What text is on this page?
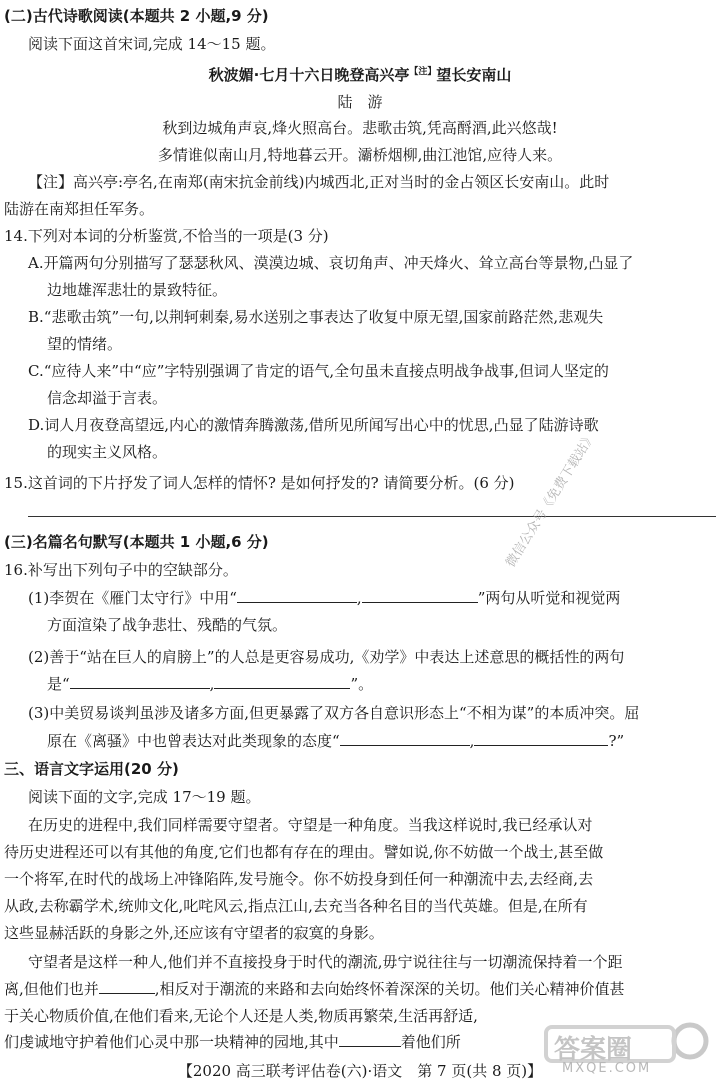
(二)古代诗歌阅读(本题共 2 小题,9 分)
阅读下面这首宋词,完成 14～15 题。
秋波媚·七月十六日晚登高兴亭$^{【注】}$望长安南山
陆　游
秋到边城角声哀,烽火照高台。悲歌击筑,凭高酹酒,此兴悠哉!
多情谁似南山月,特地暮云开。灞桥烟柳,曲江池馆,应待人来。
【注】高兴亭:亭名,在南郑(南宋抗金前线)内城西北,正对当时的金占领区长安南山。此时
陆游在南郑担任军务。
14.下列对本词的分析鉴赏,不恰当的一项是(3 分)
A.开篇两句分别描写了瑟瑟秋风、漠漠边城、哀切角声、冲天烽火、耸立高台等景物,凸显了
边地雄浑悲壮的景致特征。
B.“悲歌击筑”一句,以荆轲刺秦,易水送别之事表达了收复中原无望,国家前路茫然,悲观失
望的情绪。
C.“应待人来”中“应”字特别强调了肯定的语气,全句虽未直接点明战争战事,但词人坚定的
信念却溢于言表。
D.词人月夜登高望远,内心的激情奔腾激荡,借所见所闻写出心中的忧思,凸显了陆游诗歌
的现实主义风格。
15.这首词的下片抒发了词人怎样的情怀? 是如何抒发的? 请简要分析。(6 分)
(三)名篇名句默写(本题共 1 小题,6 分)
16.补写出下列句子中的空缺部分。
(1)李贺在《雁门太守行》中用“	,	”两句从听觉和视觉两
方面渲染了战争悲壮、残酷的气氛。
(2)善于“站在巨人的肩膀上”的人总是更容易成功,《劝学》中表达上述意思的概括性的两句
是“	,	”。
(3)中美贸易谈判虽涉及诸多方面,但更暴露了双方各自意识形态上“不相为谋”的本质冲突。屈
原在《离骚》中也曾表达对此类现象的态度“	,	?”
三、语言文字运用(20 分)
阅读下面的文字,完成 17～19 题。
在历史的进程中,我们同样需要守望者。守望是一种角度。当我这样说时,我已经承认对
待历史进程还可以有其他的角度,它们也都有存在的理由。譬如说,你不妨做一个战士,甚至做
一个将军,在时代的战场上冲锋陷阵,发号施令。你不妨投身到任何一种潮流中去,去经商,去
从政,去称霸学术,统帅文化,叱咤风云,指点江山,去充当各种名目的当代英雄。但是,在所有
这些显赫活跃的身影之外,还应该有守望者的寂寞的身影。
守望者是这样一种人,他们并不直接投身于时代的潮流,毋宁说往往与一切潮流保持着一个距
离,但他们也并	,相反对于潮流的来路和去向始终怀着深深的关切。他们关心精神价值甚
于关心物质价值,在他们看来,无论个人还是人类,物质再繁荣,生活再舒适,
们虔诚地守护着他们心灵中那一块精神的园地,其中	着他们所
微信公众号《免费下载站》
答案圈
MXQE.COM
【2020 高三联考评估卷(六)·语文　第 7 页(共 8 页)】
